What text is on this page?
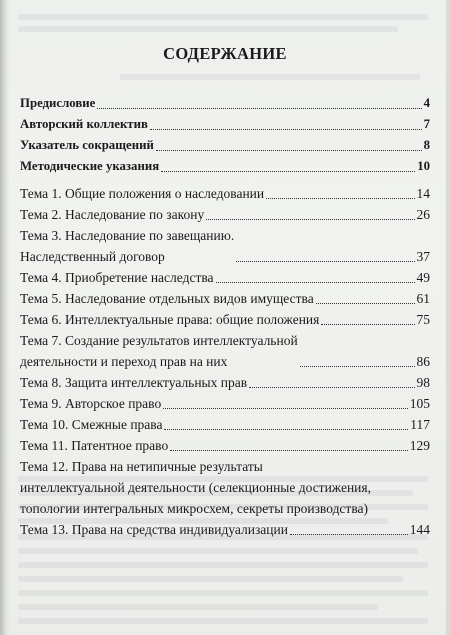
СОДЕРЖАНИЕ
Предисловие	4
Авторский коллектив	7
Указатель сокращений	8
Методические указания	10
Тема 1. Общие положения о наследовании	14
Тема 2. Наследование по закону	26
Тема 3. Наследование по завещанию.
Наследственный договор	37
Тема 4. Приобретение наследства	49
Тема 5. Наследование отдельных видов имущества	61
Тема 6. Интеллектуальные права: общие положения	75
Тема 7. Создание результатов интеллектуальной
деятельности и переход прав на них	86
Тема 8. Защита интеллектуальных прав	98
Тема 9. Авторское право	105
Тема 10. Смежные права	117
Тема 11. Патентное право	129
Тема 12. Права на нетипичные результаты
интеллектуальной деятельности (селекционные достижения,
топологии интегральных микросхем, секреты производства)
Тема 13. Права на средства индивидуализации	144
